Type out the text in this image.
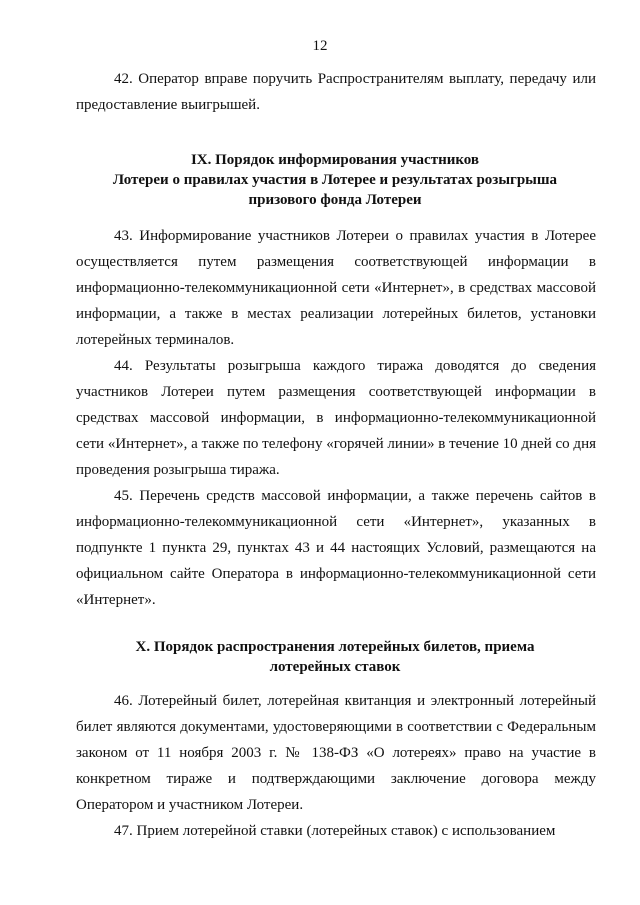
12

42. Оператор вправе поручить Распространителям выплату, передачу или предоставление выигрышей.

IX. Порядок информирования участников
Лотереи о правилах участия в Лотерее и результатах розыгрыша
призового фонда Лотереи

43. Информирование участников Лотереи о правилах участия в Лотерее осуществляется путем размещения соответствующей информации в информационно-телекоммуникационной сети «Интернет», в средствах массовой информации, а также в местах реализации лотерейных билетов, установки лотерейных терминалов.

44. Результаты розыгрыша каждого тиража доводятся до сведения участников Лотереи путем размещения соответствующей информации в средствах массовой информации, в информационно-телекоммуникационной сети «Интернет», а также по телефону «горячей линии» в течение 10 дней со дня проведения розыгрыша тиража.

45. Перечень средств массовой информации, а также перечень сайтов в информационно-телекоммуникационной сети «Интернет», указанных в подпункте 1 пункта 29, пунктах 43 и 44 настоящих Условий, размещаются на официальном сайте Оператора в информационно-телекоммуникационной сети «Интернет».

X. Порядок распространения лотерейных билетов, приема
лотерейных ставок

46. Лотерейный билет, лотерейная квитанция и электронный лотерейный билет являются документами, удостоверяющими в соответствии с Федеральным законом от 11 ноября 2003 г. № 138-ФЗ «О лотереях» право на участие в конкретном тираже и подтверждающими заключение договора между Оператором и участником Лотереи.

47. Прием лотерейной ставки (лотерейных ставок) с использованием
